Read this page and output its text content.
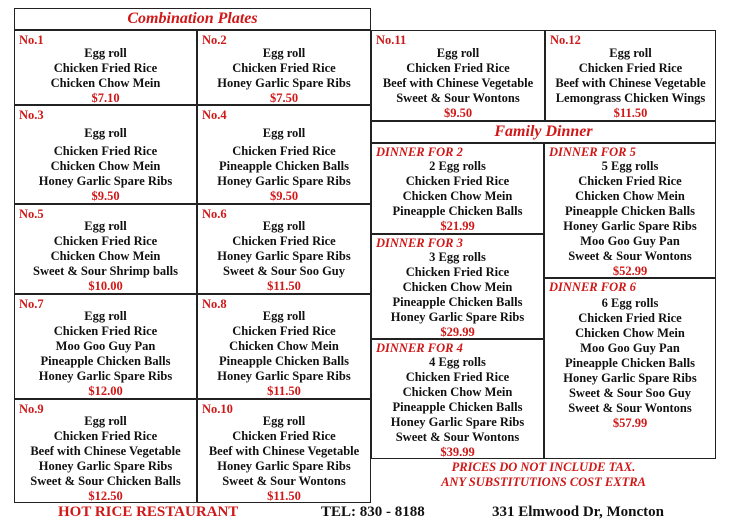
Combination Plates
Family Dinner
No.1
Egg roll
Chicken Fried Rice
Chicken Chow Mein
$7.10
No.2
Egg roll
Chicken Fried Rice
Honey Garlic Spare Ribs
$7.50
No.3
Egg roll
Chicken Fried Rice
Chicken Chow Mein
Honey Garlic Spare Ribs
$9.50
No.4
Egg roll
Chicken Fried Rice
Pineapple Chicken Balls
Honey Garlic Spare Ribs
$9.50
No.5
Egg roll
Chicken Fried Rice
Chicken Chow Mein
Sweet & Sour Shrimp balls
$10.00
No.6
Egg roll
Chicken Fried Rice
Honey Garlic Spare Ribs
Sweet & Sour Soo Guy
$11.50
No.7
Egg roll
Chicken Fried Rice
Moo Goo Guy Pan
Pineapple Chicken Balls
Honey Garlic Spare Ribs
$12.00
No.8
Egg roll
Chicken Fried Rice
Chicken Chow Mein
Pineapple Chicken Balls
Honey Garlic Spare Ribs
$11.50
No.9
Egg roll
Chicken Fried Rice
Beef with Chinese Vegetable
Honey Garlic Spare Ribs
Sweet & Sour Chicken Balls
$12.50
No.10
Egg roll
Chicken Fried Rice
Beef with Chinese Vegetable
Honey Garlic Spare Ribs
Sweet & Sour Wontons
$11.50
No.11
Egg roll
Chicken Fried Rice
Beef with Chinese Vegetable
Sweet & Sour Wontons
$9.50
No.12
Egg roll
Chicken Fried Rice
Beef with Chinese Vegetable
Lemongrass Chicken Wings
$11.50
DINNER FOR 2
2 Egg rolls
Chicken Fried Rice
Chicken Chow Mein
Pineapple Chicken Balls
$21.99
DINNER FOR 3
3 Egg rolls
Chicken Fried Rice
Chicken Chow Mein
Pineapple Chicken Balls
Honey Garlic Spare Ribs
$29.99
DINNER FOR 4
4 Egg rolls
Chicken Fried Rice
Chicken Chow Mein
Pineapple Chicken Balls
Honey Garlic Spare Ribs
Sweet & Sour Wontons
$39.99
DINNER FOR 5
5 Egg rolls
Chicken Fried Rice
Chicken Chow Mein
Pineapple Chicken Balls
Honey Garlic Spare Ribs
Moo Goo Guy Pan
Sweet & Sour Wontons
$52.99
DINNER FOR 6
6 Egg rolls
Chicken Fried Rice
Chicken Chow Mein
Moo Goo Guy Pan
Pineapple Chicken Balls
Honey Garlic Spare Ribs
Sweet & Sour Soo Guy
Sweet & Sour Wontons
$57.99
PRICES DO NOT INCLUDE TAX.
ANY SUBSTITUTIONS COST EXTRA
HOT RICE RESTAURANT	TEL: 830 - 8188	331 Elmwood Dr, Moncton
